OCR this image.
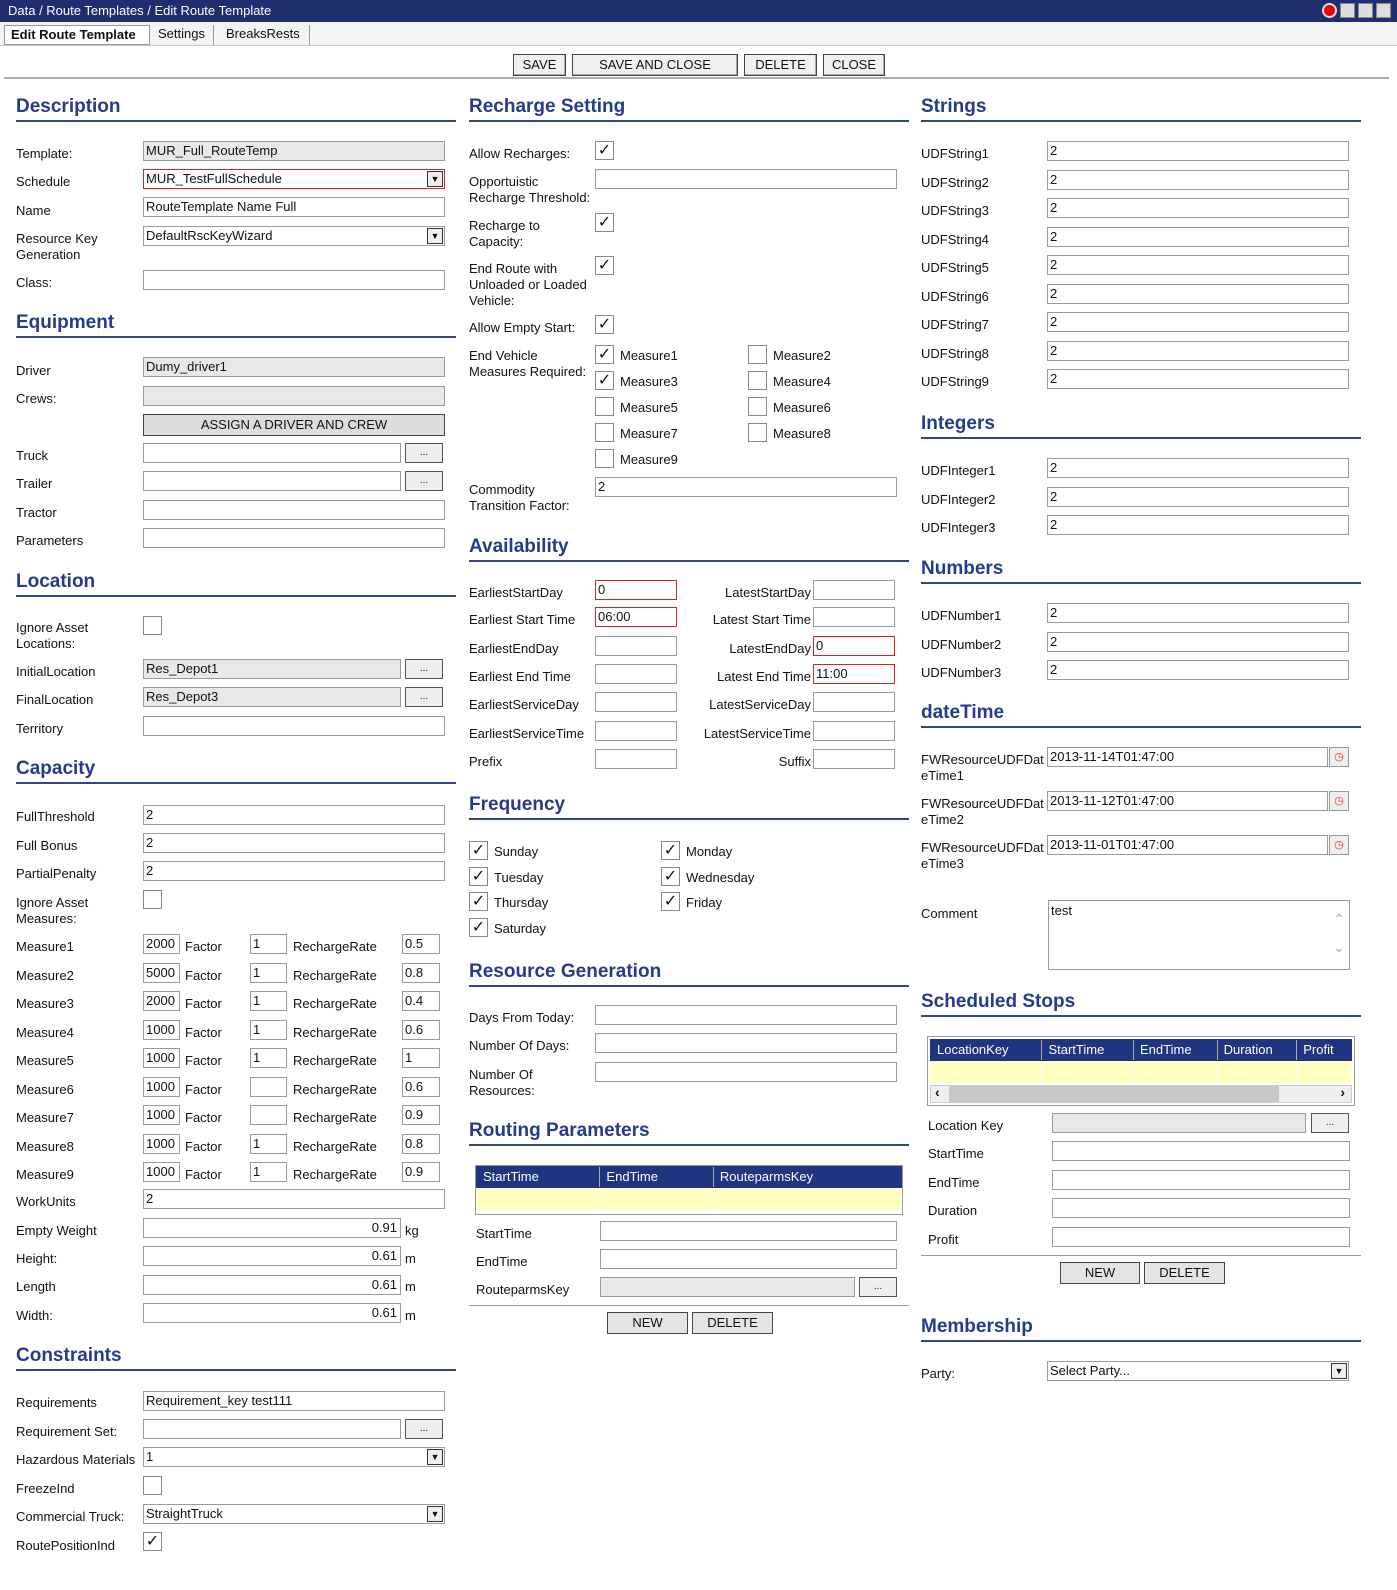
Data / Route Templates / Edit Route Template
Edit Route Template	Settings	BreaksRests
SAVE	SAVE AND CLOSE	DELETE	CLOSE
Description
Template:	MUR_Full_RouteTemp
Schedule	MUR_TestFullSchedule	▼
Name	RouteTemplate Name Full
Resource Key
Generation
DefaultRscKeyWizard	▼
Class:
Equipment
Driver	Dumy_driver1
Crews:
ASSIGN A DRIVER AND CREW
Truck	...
Trailer	...
Tractor
Parameters
Location
Ignore Asset
Locations:
InitialLocation	Res_Depot1	...
FinalLocation	Res_Depot3	...
Territory
Capacity
FullThreshold	2
Full Bonus	2
PartialPenalty	2
Ignore Asset
Measures:
Measure1	2000 Factor 1	RechargeRate 0.5
Measure2	5000 Factor 1	RechargeRate 0.8
Measure3	2000 Factor 1	RechargeRate 0.4
Measure4	1000 Factor 1	RechargeRate 0.6
Measure5	1000 Factor 1	RechargeRate 1
Measure6	1000 Factor	RechargeRate 0.6
Measure7	1000 Factor	RechargeRate 0.9
Measure8	1000 Factor 1	RechargeRate 0.8
Measure9	1000 Factor 1	RechargeRate 0.9
WorkUnits	2
Empty Weight	0.91 kg
Height:	0.61 m
Length	0.61 m
Width:	0.61 m
Constraints
Requirements	Requirement_key test111
Requirement Set:	...
Hazardous Materials 1	▼
FreezeInd
Commercial Truck: StraightTruck	▼
RoutePositionInd ✓
Recharge Setting
Allow Recharges: ✓
Opportuistic
Recharge Threshold:
Recharge to
Capacity:
✓
End Route with
Unloaded or Loaded
Vehicle:
✓
Allow Empty Start: ✓
End Vehicle
Measures Required:
✓ Measure1	Measure2
✓ Measure3	Measure4
Measure5	Measure6
Measure7	Measure8
Measure9
Commodity
Transition Factor:
2
Availability
EarliestStartDay	0	LatestStartDay
Earliest Start Time 06:00	Latest Start Time
EarliestEndDay	LatestEndDay 0
Earliest End Time	Latest End Time 11:00
EarliestServiceDay	LatestServiceDay
EarliestServiceTime	LatestServiceTime
Prefix	Suffix
Frequency
✓ Sunday	✓ Monday
✓ Tuesday	✓ Wednesday
✓ Thursday	✓ Friday
✓ Saturday
Resource Generation
Days From Today:
Number Of Days:
Number Of
Resources:
Routing Parameters
StartTime	EndTime	RouteparmsKey
StartTime
EndTime
RouteparmsKey	...
NEW	DELETE
Strings
UDFString1	2
UDFString2	2
UDFString3	2
UDFString4	2
UDFString5	2
UDFString6	2
UDFString7	2
UDFString8	2
UDFString9	2
Integers
UDFInteger1	2
UDFInteger2	2
UDFInteger3	2
Numbers
UDFNumber1	2
UDFNumber2	2
UDFNumber3	2
dateTime
FWResourceUDFDat
eTime1
2013-11-14T01:47:00	◷
FWResourceUDFDat
eTime2
2013-11-12T01:47:00	◷
FWResourceUDFDat
eTime3
2013-11-01T01:47:00	◷
Comment	test
⌃
⌄
Scheduled Stops
LocationKey	StartTime	EndTime	Duration	Profit
‹	›
Location Key	...
StartTime
EndTime
Duration
Profit
NEW	DELETE
Membership
Party:	Select Party...	▼
